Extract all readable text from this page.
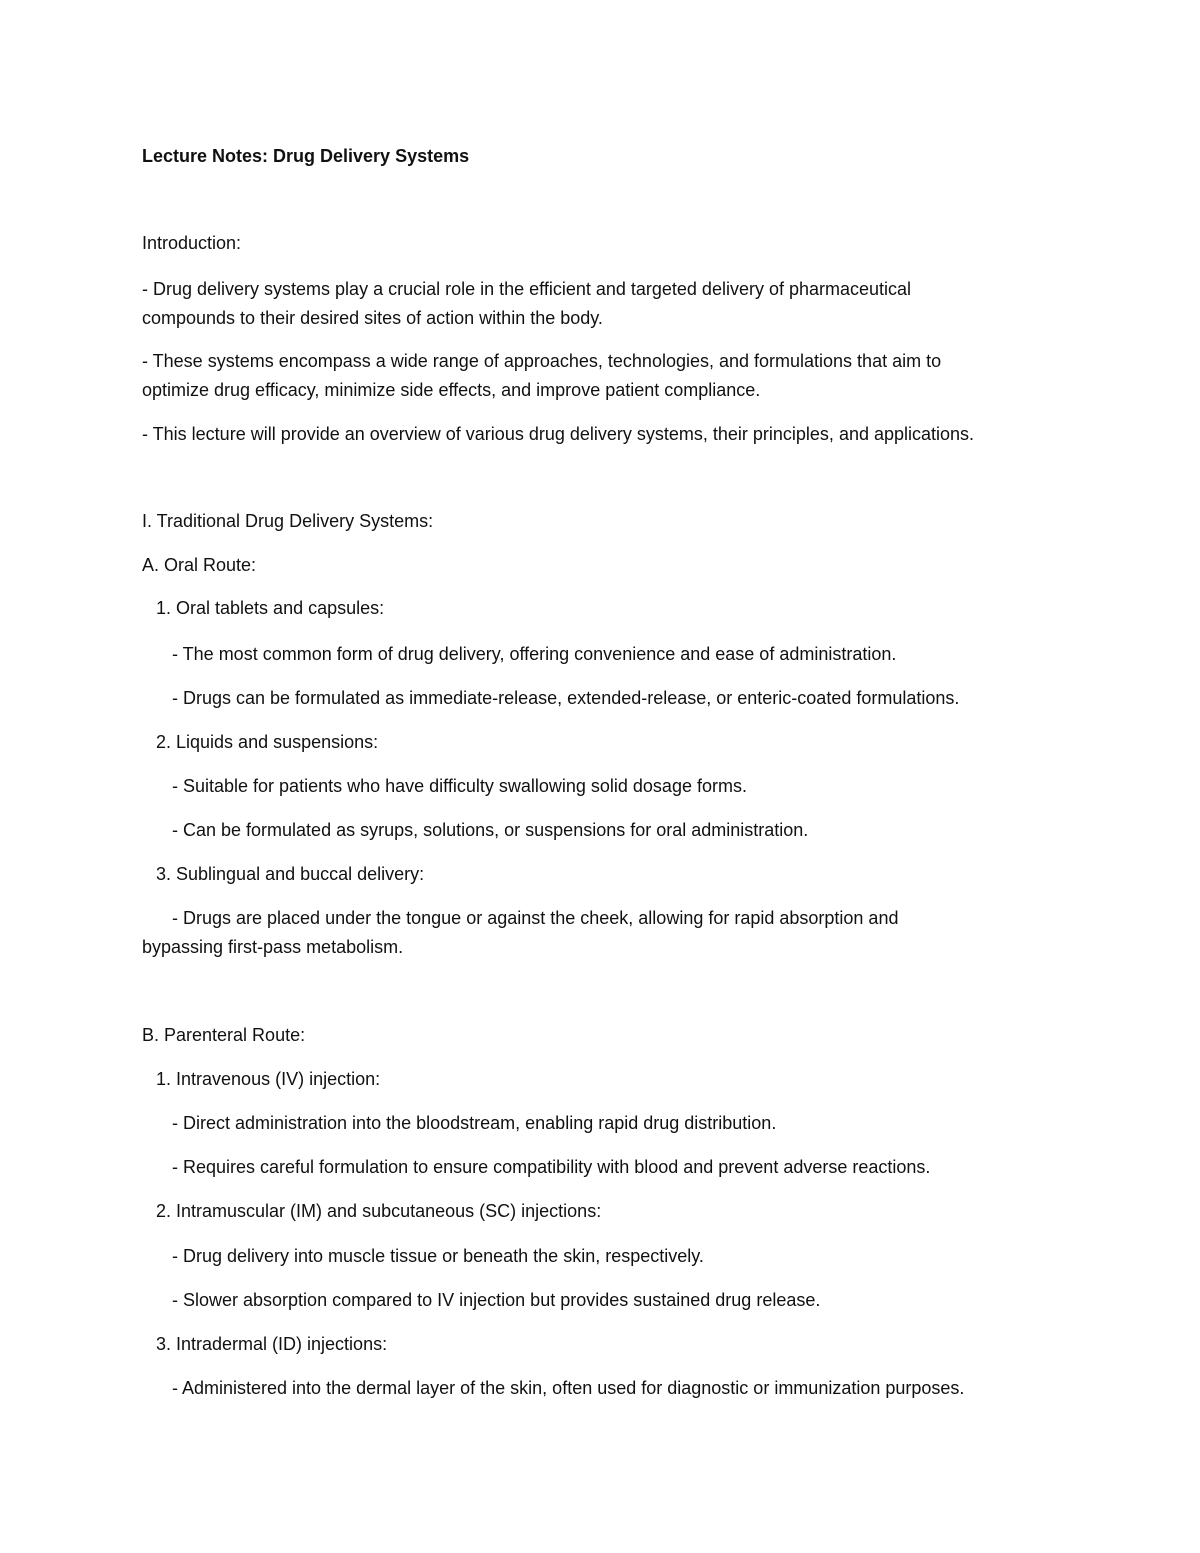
Lecture Notes: Drug Delivery Systems
Introduction:
- Drug delivery systems play a crucial role in the efficient and targeted delivery of pharmaceutical
compounds to their desired sites of action within the body.
- These systems encompass a wide range of approaches, technologies, and formulations that aim to
optimize drug efficacy, minimize side effects, and improve patient compliance.
- This lecture will provide an overview of various drug delivery systems, their principles, and applications.
I. Traditional Drug Delivery Systems:
A. Oral Route:
1. Oral tablets and capsules:
- The most common form of drug delivery, offering convenience and ease of administration.
- Drugs can be formulated as immediate-release, extended-release, or enteric-coated formulations.
2. Liquids and suspensions:
- Suitable for patients who have difficulty swallowing solid dosage forms.
- Can be formulated as syrups, solutions, or suspensions for oral administration.
3. Sublingual and buccal delivery:
- Drugs are placed under the tongue or against the cheek, allowing for rapid absorption and
bypassing first-pass metabolism.
B. Parenteral Route:
1. Intravenous (IV) injection:
- Direct administration into the bloodstream, enabling rapid drug distribution.
- Requires careful formulation to ensure compatibility with blood and prevent adverse reactions.
2. Intramuscular (IM) and subcutaneous (SC) injections:
- Drug delivery into muscle tissue or beneath the skin, respectively.
- Slower absorption compared to IV injection but provides sustained drug release.
3. Intradermal (ID) injections:
- Administered into the dermal layer of the skin, often used for diagnostic or immunization purposes.
